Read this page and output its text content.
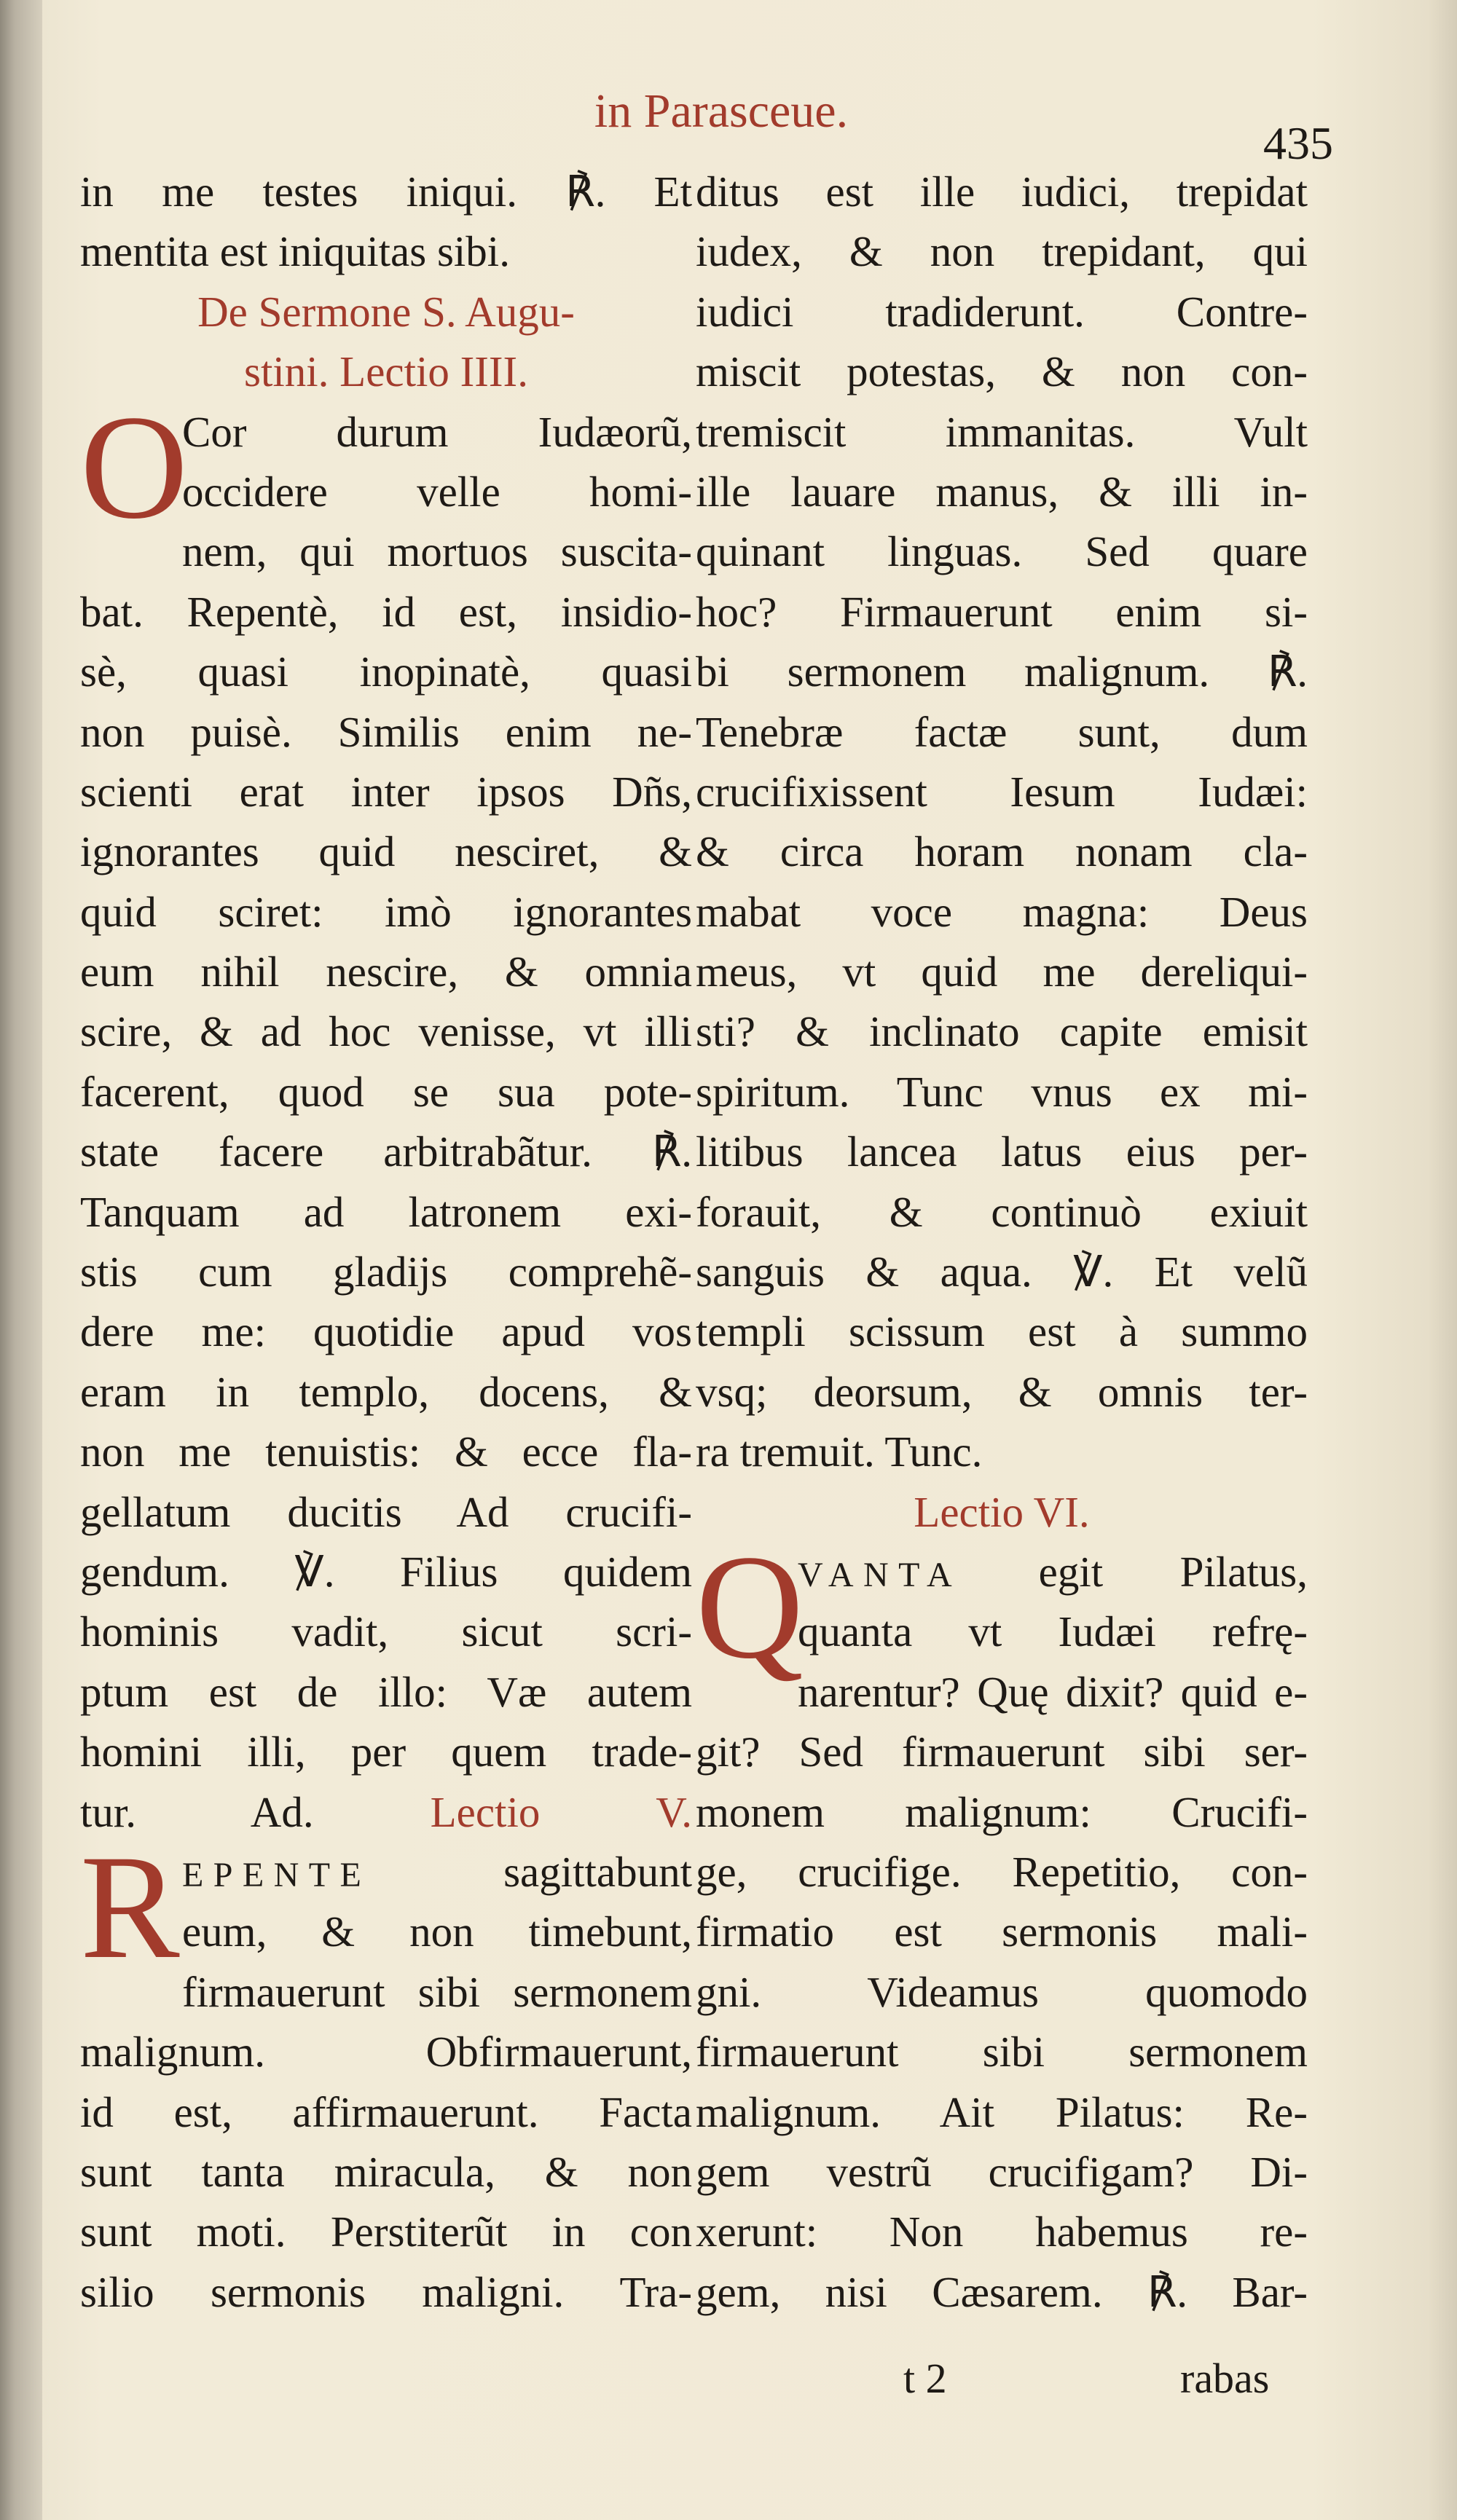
in Parasceue.
435
in me testes iniqui. ℟. Et
mentita est iniquitas sibi.
De Sermone S. Augu-
stini. Lectio IIII.
O
Cor durum Iudæorũ,
occidere velle homi-
nem, qui mortuos suscita-
bat. Repentè, id est, insidio-
sè, quasi inopinatè, quasi
non puisè. Similis enim ne-
scienti erat inter ipsos Dñs,
ignorantes quid nesciret, &
quid sciret: imò ignorantes
eum nihil nescire, & omnia
scire, & ad hoc venisse, vt illi
facerent, quod se sua pote-
state facere arbitrabãtur. ℟.
Tanquam ad latronem exi-
stis cum gladijs comprehẽ-
dere me: quotidie apud vos
eram in templo, docens, &
non me tenuistis: & ecce fla-
gellatum ducitis Ad crucifi-
gendum. ℣. Filius quidem
hominis vadit, sicut scri-
ptum est de illo: Væ autem
homini illi, per quem trade-
tur. Ad.	Lectio V.
R EPENTE	sagittabunt
eum, & non timebunt,
firmauerunt sibi sermonem
malignum. Obfirmauerunt,
id est, affirmauerunt. Facta
sunt tanta miracula, & non
sunt moti. Perstiterũt in con
silio sermonis maligni. Tra-
ditus est ille iudici, trepidat
iudex, & non trepidant, qui
iudici tradiderunt. Contre-
miscit potestas, & non con-
tremiscit immanitas. Vult
ille lauare manus, & illi in-
quinant linguas. Sed quare
hoc? Firmauerunt enim si-
bi sermonem malignum. ℟.
Tenebræ factæ sunt, dum
crucifixissent Iesum Iudæi:
& circa horam nonam cla-
mabat voce magna: Deus
meus, vt quid me dereliqui-
sti? & inclinato capite emisit
spiritum. Tunc vnus ex mi-
litibus lancea latus eius per-
forauit, & continuò exiuit
sanguis & aqua. ℣. Et velũ
templi scissum est à summo
vsq; deorsum, & omnis ter-
ra tremuit. Tunc.
Lectio VI.
Q
VANTA egit Pilatus,
quanta vt Iudæi refrę-
narentur? Quę dixit? quid e-
git? Sed firmauerunt sibi ser-
monem malignum: Crucifi-
ge, crucifige. Repetitio, con-
firmatio est sermonis mali-
gni. Videamus quomodo
firmauerunt sibi sermonem
malignum. Ait Pilatus: Re-
gem vestrũ crucifigam? Di-
xerunt: Non habemus re-
gem, nisi Cæsarem. ℟. Bar-
t 2	rabas
